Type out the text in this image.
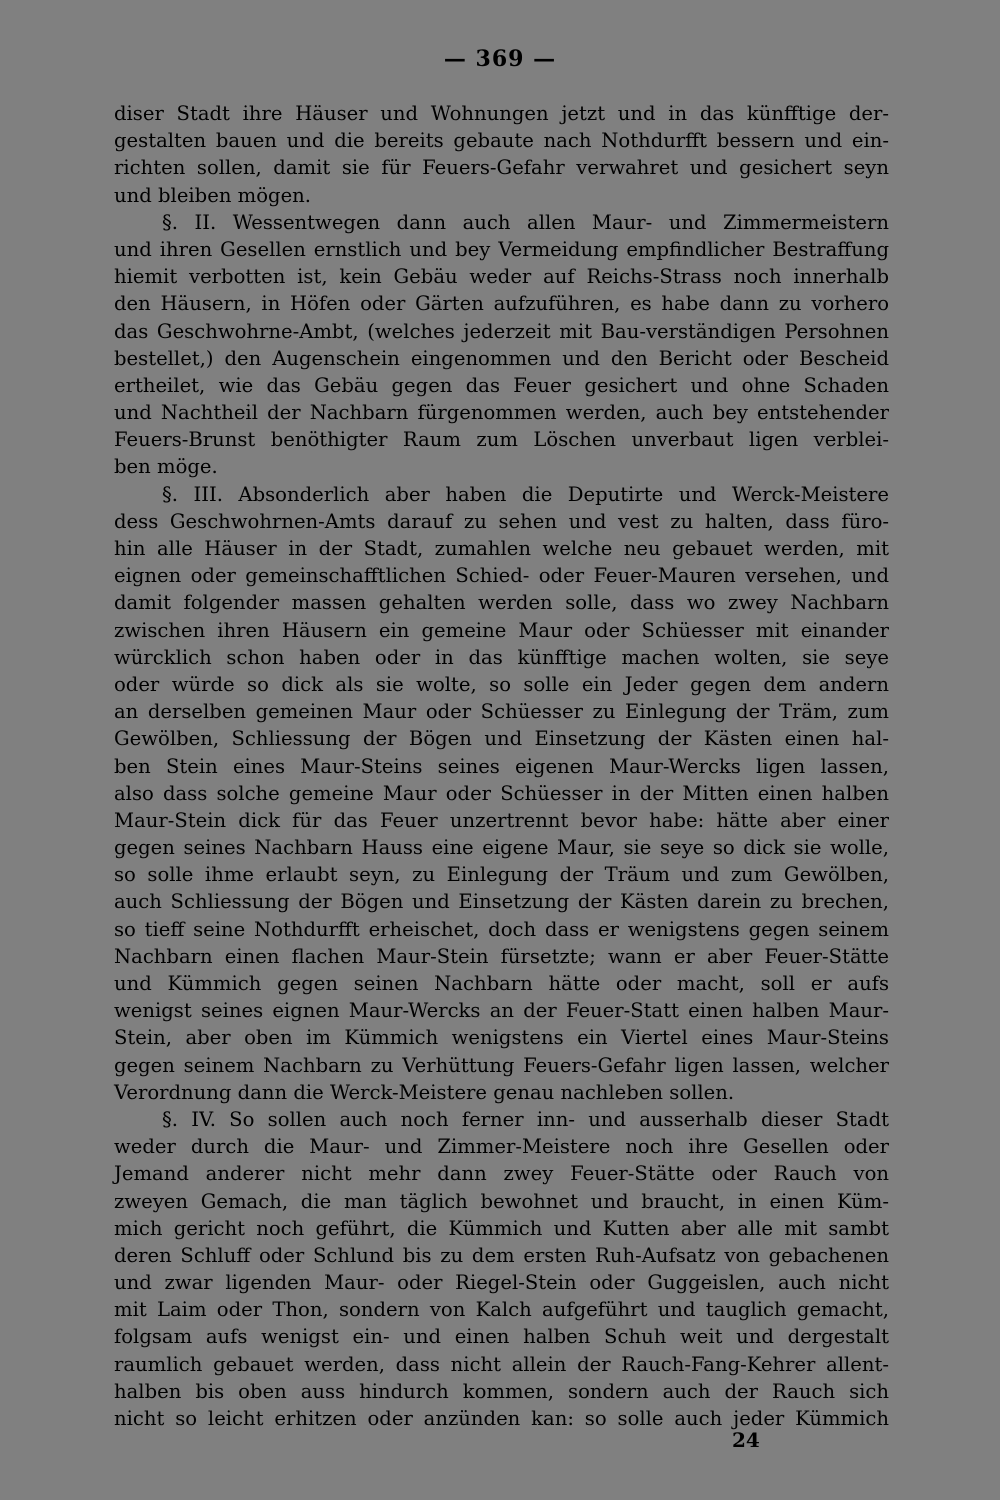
— 369 —
diser Stadt ihre Häuser und Wohnungen jetzt und in das künfftige der-
gestalten bauen und die bereits gebaute nach Nothdurfft bessern und ein-
richten sollen, damit sie für Feuers-Gefahr verwahret und gesichert seyn
und bleiben mögen.
§. II. Wessentwegen dann auch allen Maur- und Zimmermeistern
und ihren Gesellen ernstlich und bey Vermeidung empfindlicher Bestraffung
hiemit verbotten ist, kein Gebäu weder auf Reichs-Strass noch innerhalb
den Häusern, in Höfen oder Gärten aufzuführen, es habe dann zu vorhero
das Geschwohrne-Ambt, (welches jederzeit mit Bau-verständigen Persohnen
bestellet,) den Augenschein eingenommen und den Bericht oder Bescheid
ertheilet, wie das Gebäu gegen das Feuer gesichert und ohne Schaden
und Nachtheil der Nachbarn fürgenommen werden, auch bey entstehender
Feuers-Brunst benöthigter Raum zum Löschen unverbaut ligen verblei-
ben möge.
§. III. Absonderlich aber haben die Deputirte und Werck-Meistere
dess Geschwohrnen-Amts darauf zu sehen und vest zu halten, dass füro-
hin alle Häuser in der Stadt, zumahlen welche neu gebauet werden, mit
eignen oder gemeinschafftlichen Schied- oder Feuer-Mauren versehen, und
damit folgender massen gehalten werden solle, dass wo zwey Nachbarn
zwischen ihren Häusern ein gemeine Maur oder Schüesser mit einander
würcklich schon haben oder in das künfftige machen wolten, sie seye
oder würde so dick als sie wolte, so solle ein Jeder gegen dem andern
an derselben gemeinen Maur oder Schüesser zu Einlegung der Träm, zum
Gewölben, Schliessung der Bögen und Einsetzung der Kästen einen hal-
ben Stein eines Maur-Steins seines eigenen Maur-Wercks ligen lassen,
also dass solche gemeine Maur oder Schüesser in der Mitten einen halben
Maur-Stein dick für das Feuer unzertrennt bevor habe: hätte aber einer
gegen seines Nachbarn Hauss eine eigene Maur, sie seye so dick sie wolle,
so solle ihme erlaubt seyn, zu Einlegung der Träum und zum Gewölben,
auch Schliessung der Bögen und Einsetzung der Kästen darein zu brechen,
so tieff seine Nothdurfft erheischet, doch dass er wenigstens gegen seinem
Nachbarn einen flachen Maur-Stein fürsetzte; wann er aber Feuer-Stätte
und Kümmich gegen seinen Nachbarn hätte oder macht, soll er aufs
wenigst seines eignen Maur-Wercks an der Feuer-Statt einen halben Maur-
Stein, aber oben im Kümmich wenigstens ein Viertel eines Maur-Steins
gegen seinem Nachbarn zu Verhüttung Feuers-Gefahr ligen lassen, welcher
Verordnung dann die Werck-Meistere genau nachleben sollen.
§. IV. So sollen auch noch ferner inn- und ausserhalb dieser Stadt
weder durch die Maur- und Zimmer-Meistere noch ihre Gesellen oder
Jemand anderer nicht mehr dann zwey Feuer-Stätte oder Rauch von
zweyen Gemach, die man täglich bewohnet und braucht, in einen Küm-
mich gericht noch geführt, die Kümmich und Kutten aber alle mit sambt
deren Schluff oder Schlund bis zu dem ersten Ruh-Aufsatz von gebachenen
und zwar ligenden Maur- oder Riegel-Stein oder Guggeislen, auch nicht
mit Laim oder Thon, sondern von Kalch aufgeführt und tauglich gemacht,
folgsam aufs wenigst ein- und einen halben Schuh weit und dergestalt
raumlich gebauet werden, dass nicht allein der Rauch-Fang-Kehrer allent-
halben bis oben auss hindurch kommen, sondern auch der Rauch sich
nicht so leicht erhitzen oder anzünden kan: so solle auch jeder Kümmich
24
